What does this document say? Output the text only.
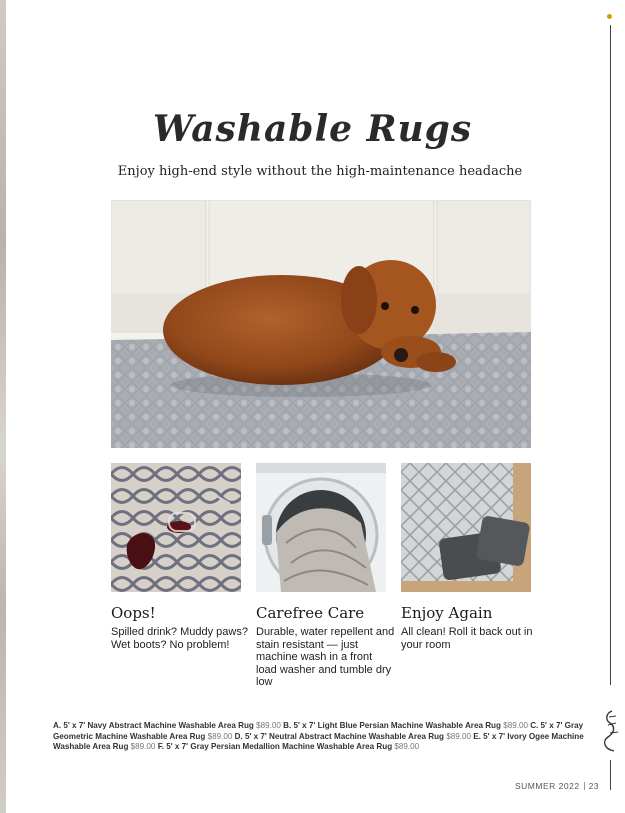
Washable Rugs
Enjoy high-end style without the high-maintenance headache
Oops!

Spilled drink? Muddy paws? Wet boots? No problem!

Carefree Care

Durable, water repellent and stain resistant — just machine wash in a front load washer and tumble dry low

Enjoy Again

All clean! Roll it back out in your room

A. 5' x 7' Navy Abstract Machine Washable Area Rug $89.00 B. 5' x 7' Light Blue Persian Machine Washable Area Rug $89.00 C. 5' x 7' Gray Geometric Machine Washable Area Rug $89.00 D. 5' x 7' Neutral Abstract Machine Washable Area Rug $89.00 E. 5' x 7' Ivory Ogee Machine Washable Area Rug $89.00 F. 5' x 7' Gray Persian Medallion Machine Washable Area Rug $89.00
SUMMER 2022 23
